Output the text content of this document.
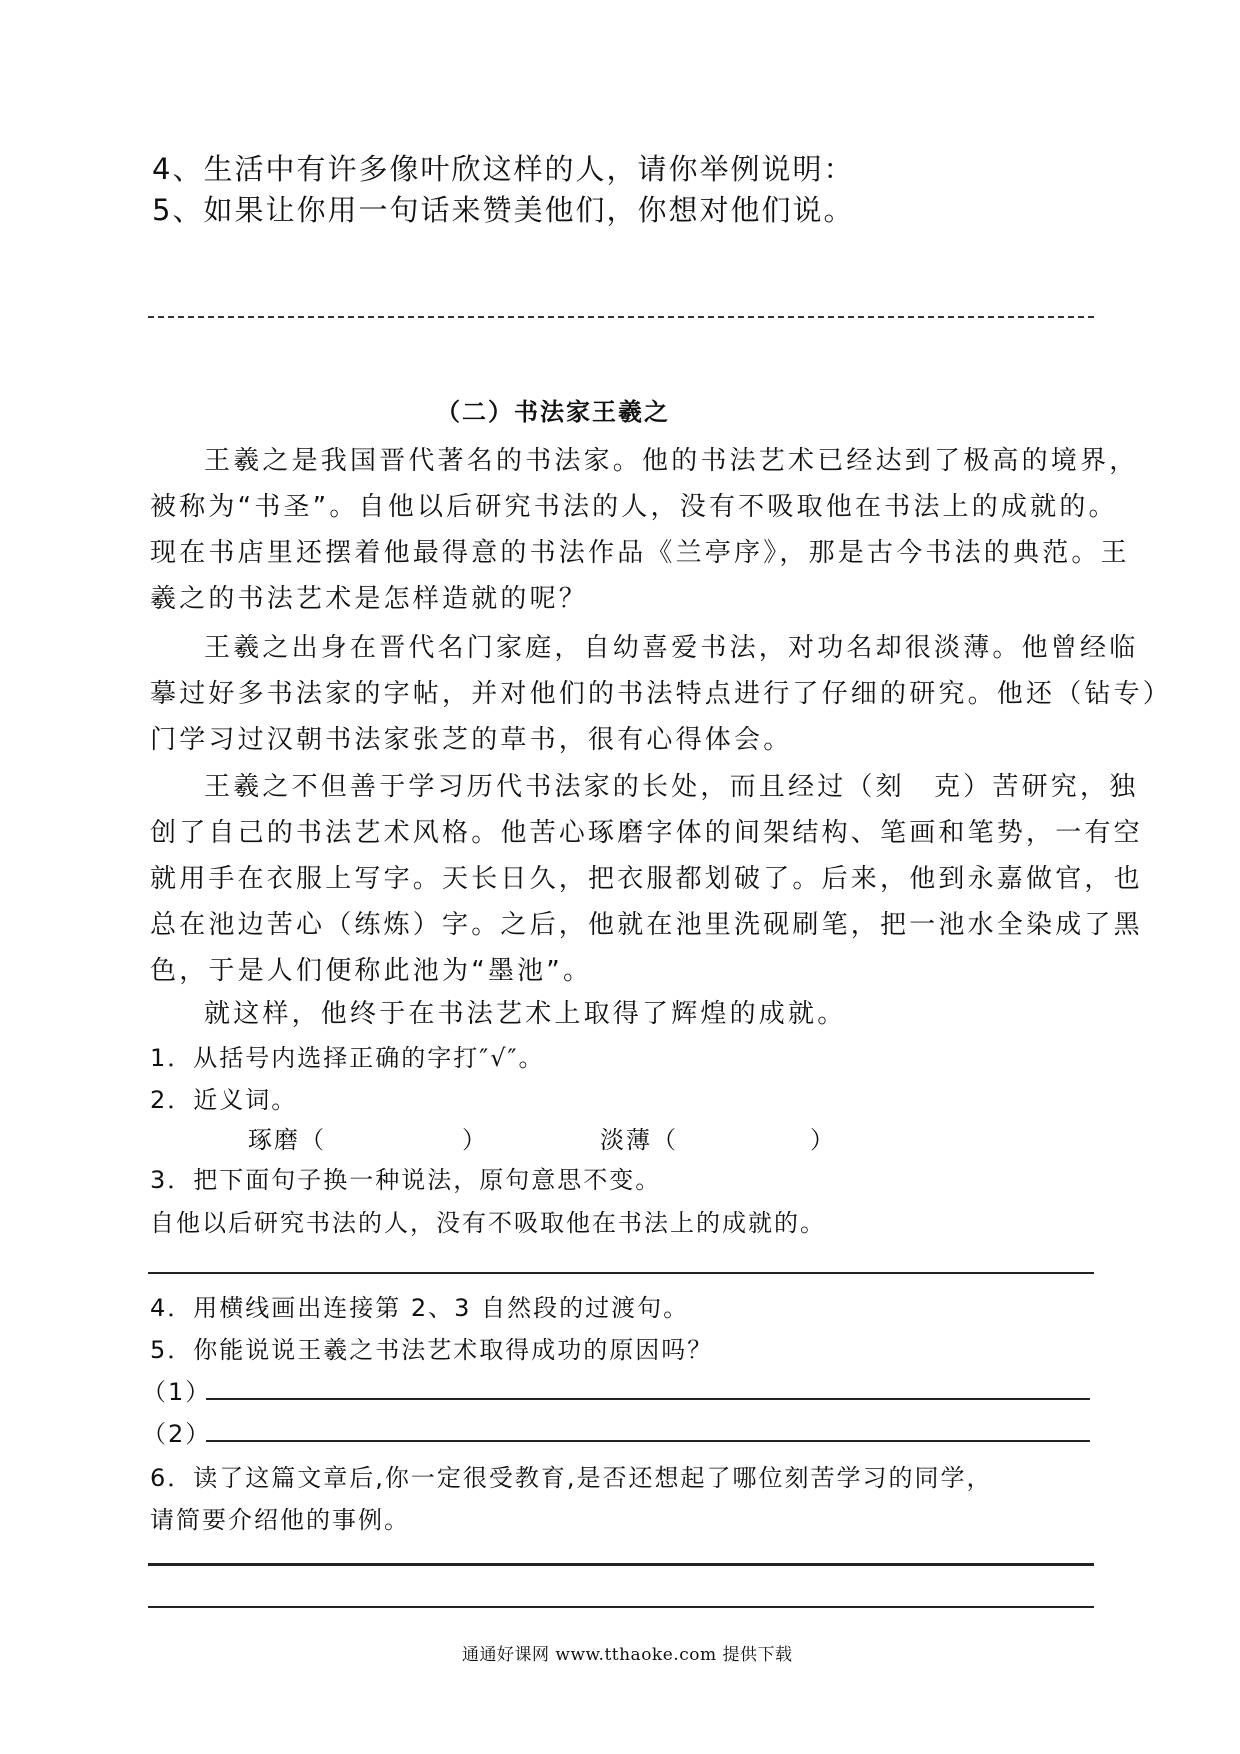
4、生活中有许多像叶欣这样的人，请你举例说明：
5、如果让你用一句话来赞美他们，你想对他们说。
（二）书法家王羲之
王羲之是我国晋代著名的书法家。他的书法艺术已经达到了极高的境界，
被称为“书圣”。自他以后研究书法的人，没有不吸取他在书法上的成就的。
现在书店里还摆着他最得意的书法作品《兰亭序》，那是古今书法的典范。王
羲之的书法艺术是怎样造就的呢？
王羲之出身在晋代名门家庭，自幼喜爱书法，对功名却很淡薄。他曾经临
摹过好多书法家的字帖，并对他们的书法特点进行了仔细的研究。他还（钻专）
门学习过汉朝书法家张芝的草书，很有心得体会。
王羲之不但善于学习历代书法家的长处，而且经过（刻　克）苦研究，独
创了自己的书法艺术风格。他苦心琢磨字体的间架结构、笔画和笔势，一有空
就用手在衣服上写字。天长日久，把衣服都划破了。后来，他到永嘉做官，也
总在池边苦心（练炼）字。之后，他就在池里洗砚刷笔，把一池水全染成了黑
色，于是人们便称此池为“墨池”。
就这样，他终于在书法艺术上取得了辉煌的成就。
1．从括号内选择正确的字打″√″。
2．近义词。
琢磨（	）	淡薄（	）
3．把下面句子换一种说法，原句意思不变。
自他以后研究书法的人，没有不吸取他在书法上的成就的。
4．用横线画出连接第 2、3 自然段的过渡句。
5．你能说说王羲之书法艺术取得成功的原因吗？
（1）
（2）
6．读了这篇文章后,你一定很受教育,是否还想起了哪位刻苦学习的同学，
请简要介绍他的事例。
通通好课网 www.tthaoke.com 提供下载
